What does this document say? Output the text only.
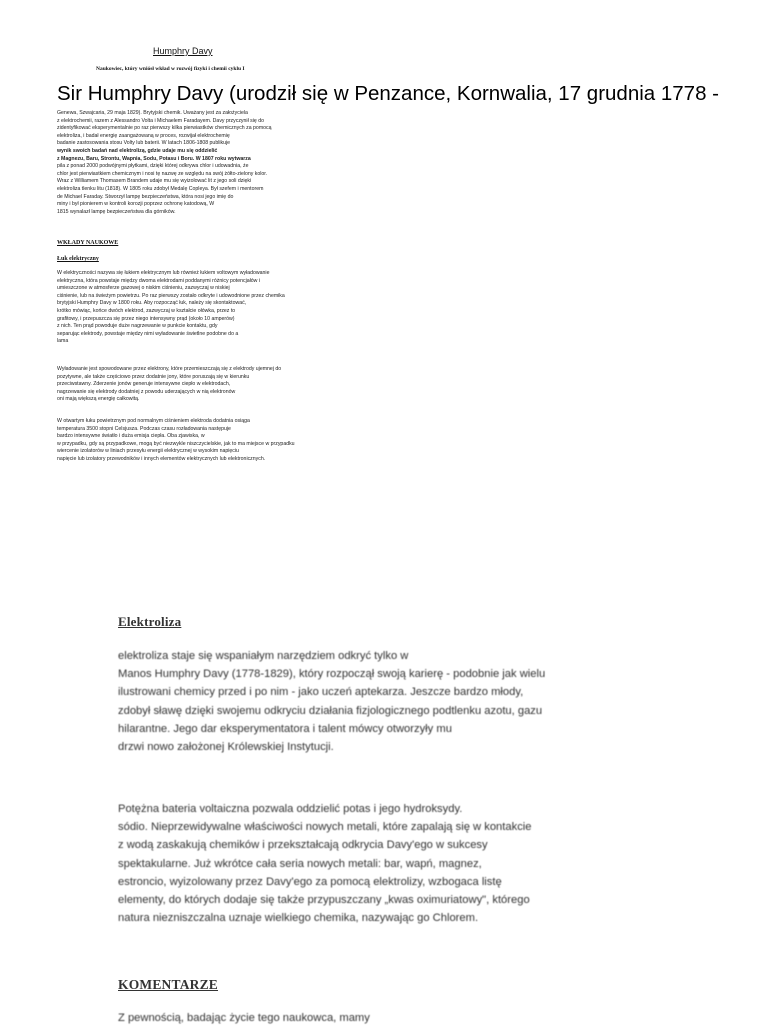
Humphry Davy
Naukowiec, który wniósł wkład w rozwój fizyki i chemii cyklu I
Sir Humphry Davy (urodził się w Penzance, Kornwalia, 17 grudnia 1778 -

Genewa, Szwajcaria, 29 maja 1829). Brytyjski chemik. Uważany jest za założyciela

z elektrochemii, razem z Alessandro Volta i Michaelem Faradayem. Davy przyczynił się do

zidentyfikować eksperymentalnie po raz pierwszy kilka pierwiastków chemicznych za pomocą

elektroliza, i badał energię zaangażowaną w proces, rozwijał elektrochemię

badanie zastosowania stosu Volty lub baterii. W latach 1806-1808 publikuje

wynik swoich badań nad elektrolizą, gdzie udaje mu się oddzielić

z Magnezu, Baru, Strontu, Wapnia, Sodu, Potasu i Boru. W 1807 roku wytwarza

pila z ponad 2000 podwójnymi płytkami, dzięki której odkrywa chlor i udowadnia, że

chlor jest pierwiastkiem chemicznym i nosi tę nazwę ze względu na swój żółto-zielony kolor.

Wraz z Williamem Thomasem Brandem udaje mu się wyizolować lit z jego soli dzięki

elektroliza tlenku litu (1818). W 1805 roku zdobył Medalę Copleya. Był szefem i mentorem

de Michael Faraday. Stworzył lampę bezpieczeństwa, która nosi jego imię do

miny i był pionierem w kontroli korozji poprzez ochronę katodową, W

1815 wynalazł lampę bezpieczeństwa dla górników.

WKŁADY NAUKOWE
Łuk elektryczny

W elektryczności nazywa się łukiem elektrycznym lub również łukiem voltowym wyładowanie

elektryczna, która powstaje między dwoma elektrodami poddanymi różnicy potencjałów i

umieszczone w atmosferze gazowej o niskim ciśnieniu, zazwyczaj w niskiej

ciśnienie, lub na świeżym powietrzu. Po raz pierwszy zostało odkryte i udowodnione przez chemika

brytyjski Humphry Davy w 1800 roku. Aby rozpocząć łuk, należy się skontaktować,

krótko mówiąc, końce dwóch elektrod, zazwyczaj w kształcie ołówka, przez to

grafitowy, i przepuszcza się przez niego intensywny prąd (około 10 amperów)

z nich. Ten prąd powoduje duże nagrzewanie w punkcie kontaktu, gdy

separując elektrody, powstaje między nimi wyładowanie świetlne podobne do a

lama

Wyładowanie jest spowodowane przez elektrony, które przemieszczają się z elektrody ujemnej do

pozytywne, ale także częściowo przez dodatnie jony, które poruszają się w kierunku

przeciwstawny. Zderzenie jonów generuje intensywne ciepło w elektrodach,

nagrzewanie się elektrody dodatniej z powodu uderzających w nią elektronów

oni mają większą energię całkowitą.

W otwartym łuku powietrznym pod normalnym ciśnieniem elektroda dodatnia osiąga

temperatura 3500 stopni Celsjusza. Podczas czasu rozładowania następuje

bardzo intensywne światło i duża emisja ciepła. Oba zjawiska, w

w przypadku, gdy są przypadkowe, mogą być niezwykle niszczycielskie, jak to ma miejsce w przypadku

wiercenie izolatorów w liniach przesyłu energii elektrycznej w wysokim napięciu

napięcie lub izolatory przewodników i innych elementów elektrycznych lub elektronicznych.

Elektroliza

elektroliza staje się wspaniałym narzędziem odkryć tylko w

Manos Humphry Davy (1778-1829), który rozpoczął swoją karierę - podobnie jak wielu

ilustrowani chemicy przed i po nim - jako uczeń aptekarza. Jeszcze bardzo młody,

zdobył sławę dzięki swojemu odkryciu działania fizjologicznego podtlenku azotu, gazu

hilarantne. Jego dar eksperymentatora i talent mówcy otworzyły mu

drzwi nowo założonej Królewskiej Instytucji.

Potężna bateria voltaiczna pozwala oddzielić potas i jego hydroksydy.

sódio. Nieprzewidywalne właściwości nowych metali, które zapalają się w kontakcie

z wodą zaskakują chemików i przekształcają odkrycia Davy'ego w sukcesy

spektakularne. Już wkrótce cała seria nowych metali: bar, wapń, magnez,

estroncio, wyizolowany przez Davy'ego za pomocą elektrolizy, wzbogaca listę

elementy, do których dodaje się także przypuszczany „kwas oximuriatowy", którego

natura niezniszczalna uznaje wielkiego chemika, nazywając go Chlorem.

KOMENTARZE

Z pewnością, badając życie tego naukowca, mamy
